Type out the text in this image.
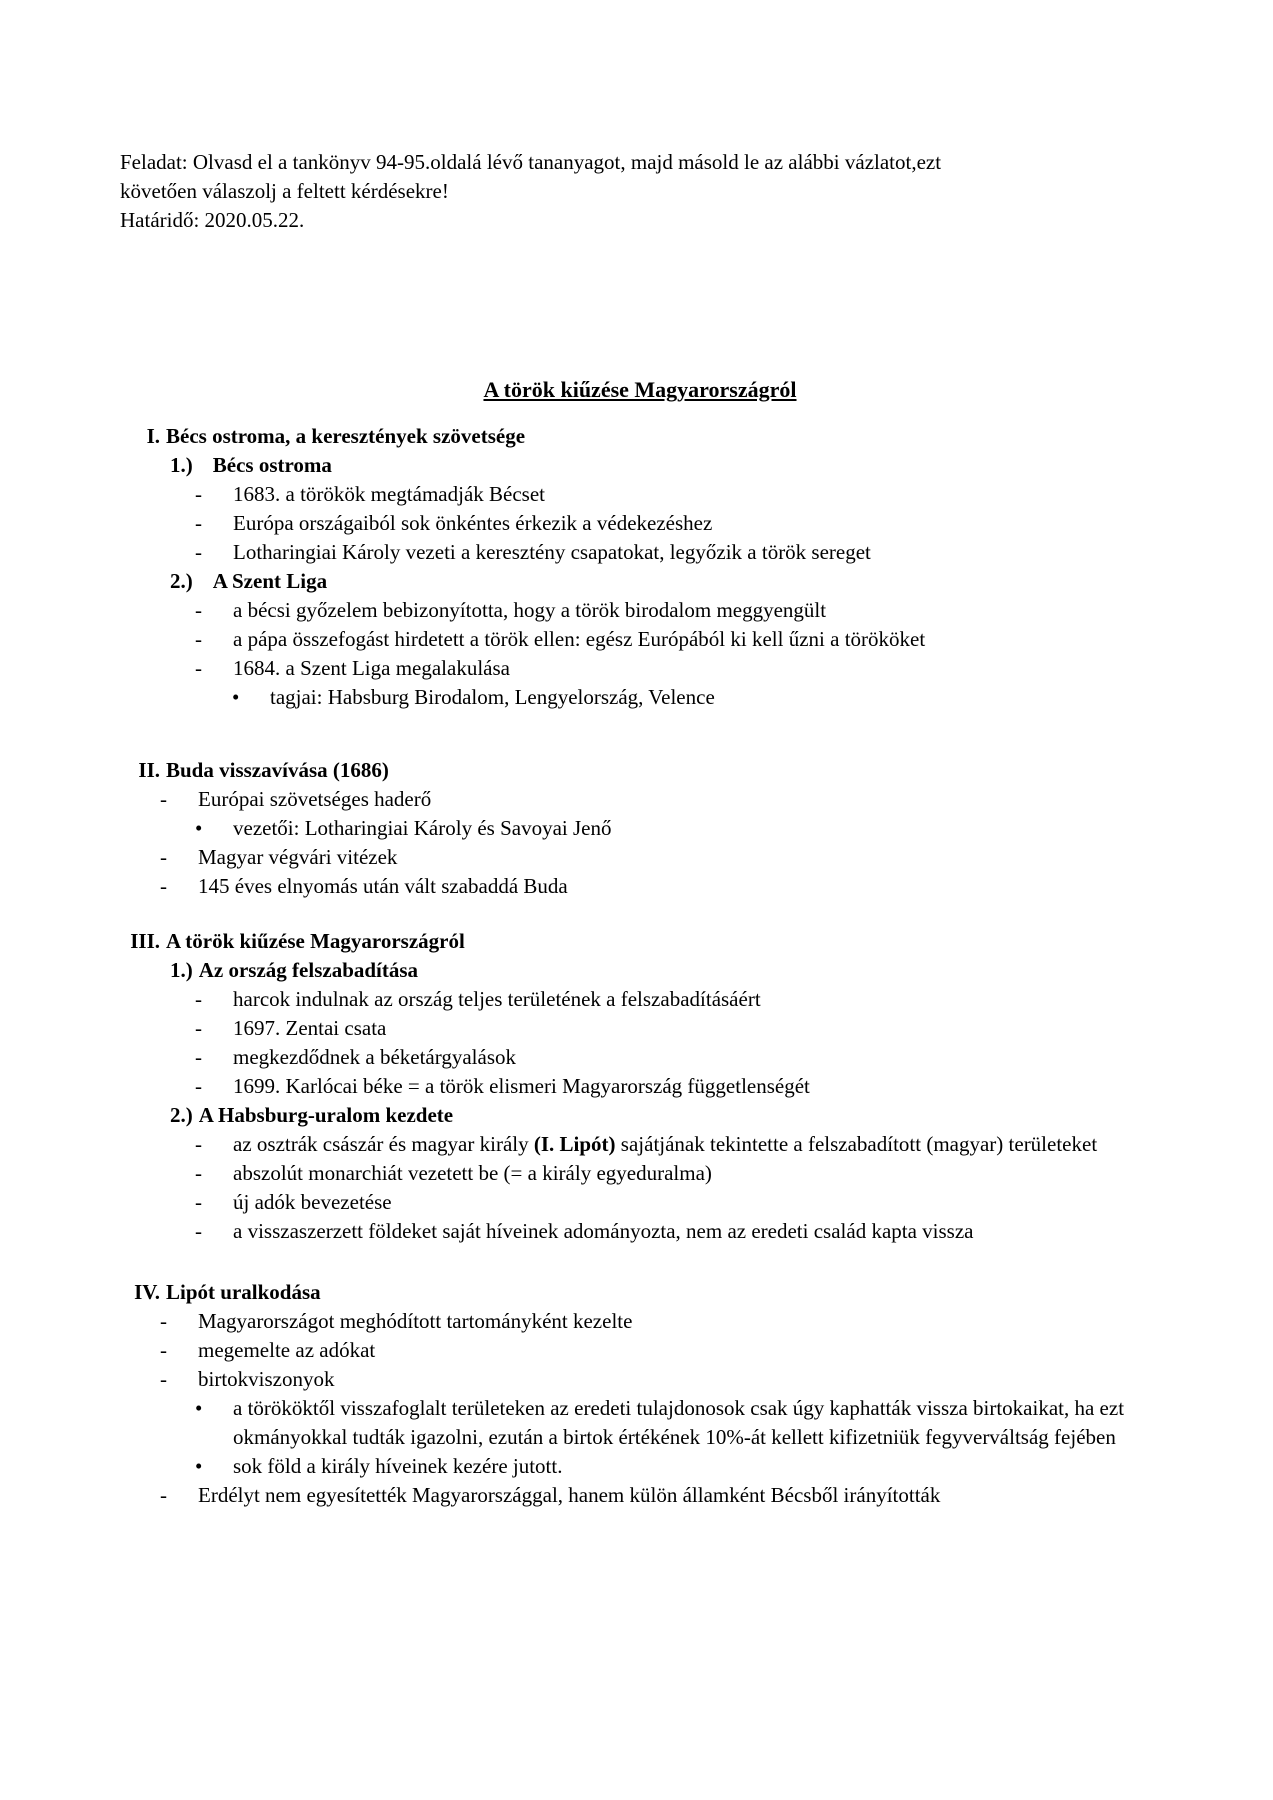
Feladat: Olvasd el a tankönyv 94-95.oldalá lévő tananyagot, majd másold le az alábbi vázlatot,ezt

követően válaszolj a feltett kérdésekre!

Határidő: 2020.05.22.

A török kiűzése Magyarországról
I. Bécs ostroma, a keresztények szövetsége
1.) Bécs ostroma
-	1683. a törökök megtámadják Bécset
-	Európa országaiból sok önkéntes érkezik a védekezéshez
-	Lotharingiai Károly vezeti a keresztény csapatokat, legyőzik a török sereget
2.) A Szent Liga
-	a bécsi győzelem bebizonyította, hogy a török birodalom meggyengült
-	a pápa összefogást hirdetett a török ellen: egész Európából ki kell űzni a törököket
-	1684. a Szent Liga megalakulása
•	tagjai: Habsburg Birodalom, Lengyelország, Velence
II. Buda visszavívása (1686)
-	Európai szövetséges haderő
•	vezetői: Lotharingiai Károly és Savoyai Jenő
-	Magyar végvári vitézek
-	145 éves elnyomás után vált szabaddá Buda
III. A török kiűzése Magyarországról
1.) Az ország felszabadítása
-	harcok indulnak az ország teljes területének a felszabadításáért
-	1697. Zentai csata
-	megkezdődnek a béketárgyalások
-	1699. Karlócai béke = a török elismeri Magyarország függetlenségét
2.) A Habsburg-uralom kezdete
-	az osztrák császár és magyar király (I. Lipót) sajátjának tekintette a felszabadított (magyar) területeket
-	abszolút monarchiát vezetett be (= a király egyeduralma)
-	új adók bevezetése
-	a visszaszerzett földeket saját híveinek adományozta, nem az eredeti család kapta vissza
IV. Lipót uralkodása
-	Magyarországot meghódított tartományként kezelte
-	megemelte az adókat
-	birtokviszonyok
•	a törököktől visszafoglalt területeken az eredeti tulajdonosok csak úgy kaphatták vissza birtokaikat, ha ezt okmányokkal tudták igazolni, ezután a birtok értékének 10%-át kellett kifizetniük fegyverváltság fejében
•	sok föld a király híveinek kezére jutott.
-	Erdélyt nem egyesítették Magyarországgal, hanem külön államként Bécsből irányították
